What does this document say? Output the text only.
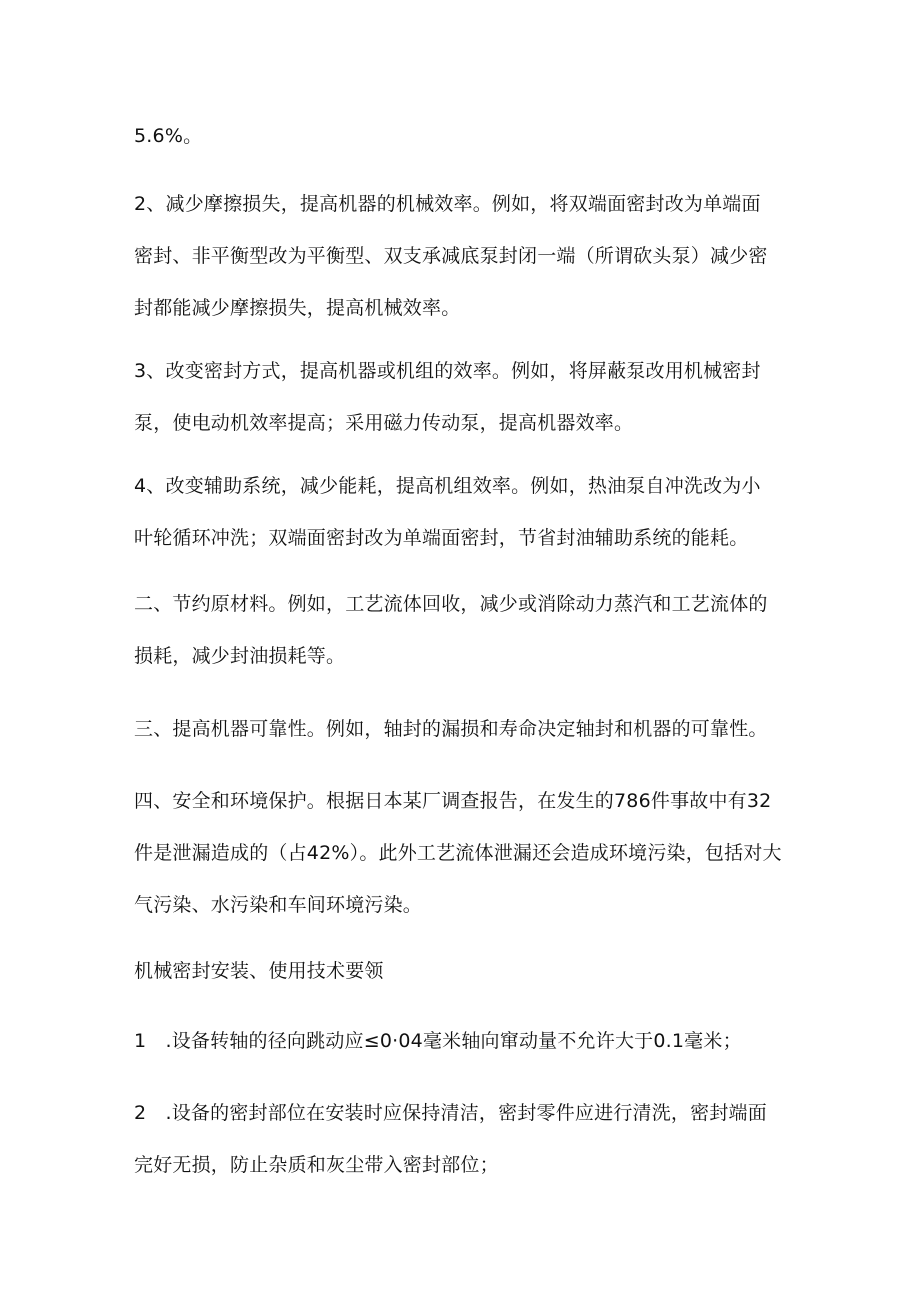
5.6%。

2、减少摩擦损失，提高机器的机械效率。例如，将双端面密封改为单端面
密封、非平衡型改为平衡型、双支承减底泵封闭一端（所谓砍头泵）减少密
封都能减少摩擦损失，提高机械效率。

3、改变密封方式，提高机器或机组的效率。例如，将屏蔽泵改用机械密封
泵，使电动机效率提高；采用磁力传动泵，提高机器效率。

4、改变辅助系统，减少能耗，提高机组效率。例如，热油泵自冲洗改为小
叶轮循环冲洗；双端面密封改为单端面密封，节省封油辅助系统的能耗。

二、节约原材料。例如，工艺流体回收，减少或消除动力蒸汽和工艺流体的
损耗，减少封油损耗等。

三、提高机器可靠性。例如，轴封的漏损和寿命决定轴封和机器的可靠性。

四、安全和环境保护。根据日本某厂调查报告，在发生的786件事故中有32
件是泄漏造成的（占42%）。此外工艺流体泄漏还会造成环境污染，包括对大
气污染、水污染和车间环境污染。

机械密封安装、使用技术要领

1　.设备转轴的径向跳动应≤0·04毫米轴向窜动量不允许大于0.1毫米；

2　.设备的密封部位在安装时应保持清洁，密封零件应进行清洗，密封端面
完好无损，防止杂质和灰尘带入密封部位；
